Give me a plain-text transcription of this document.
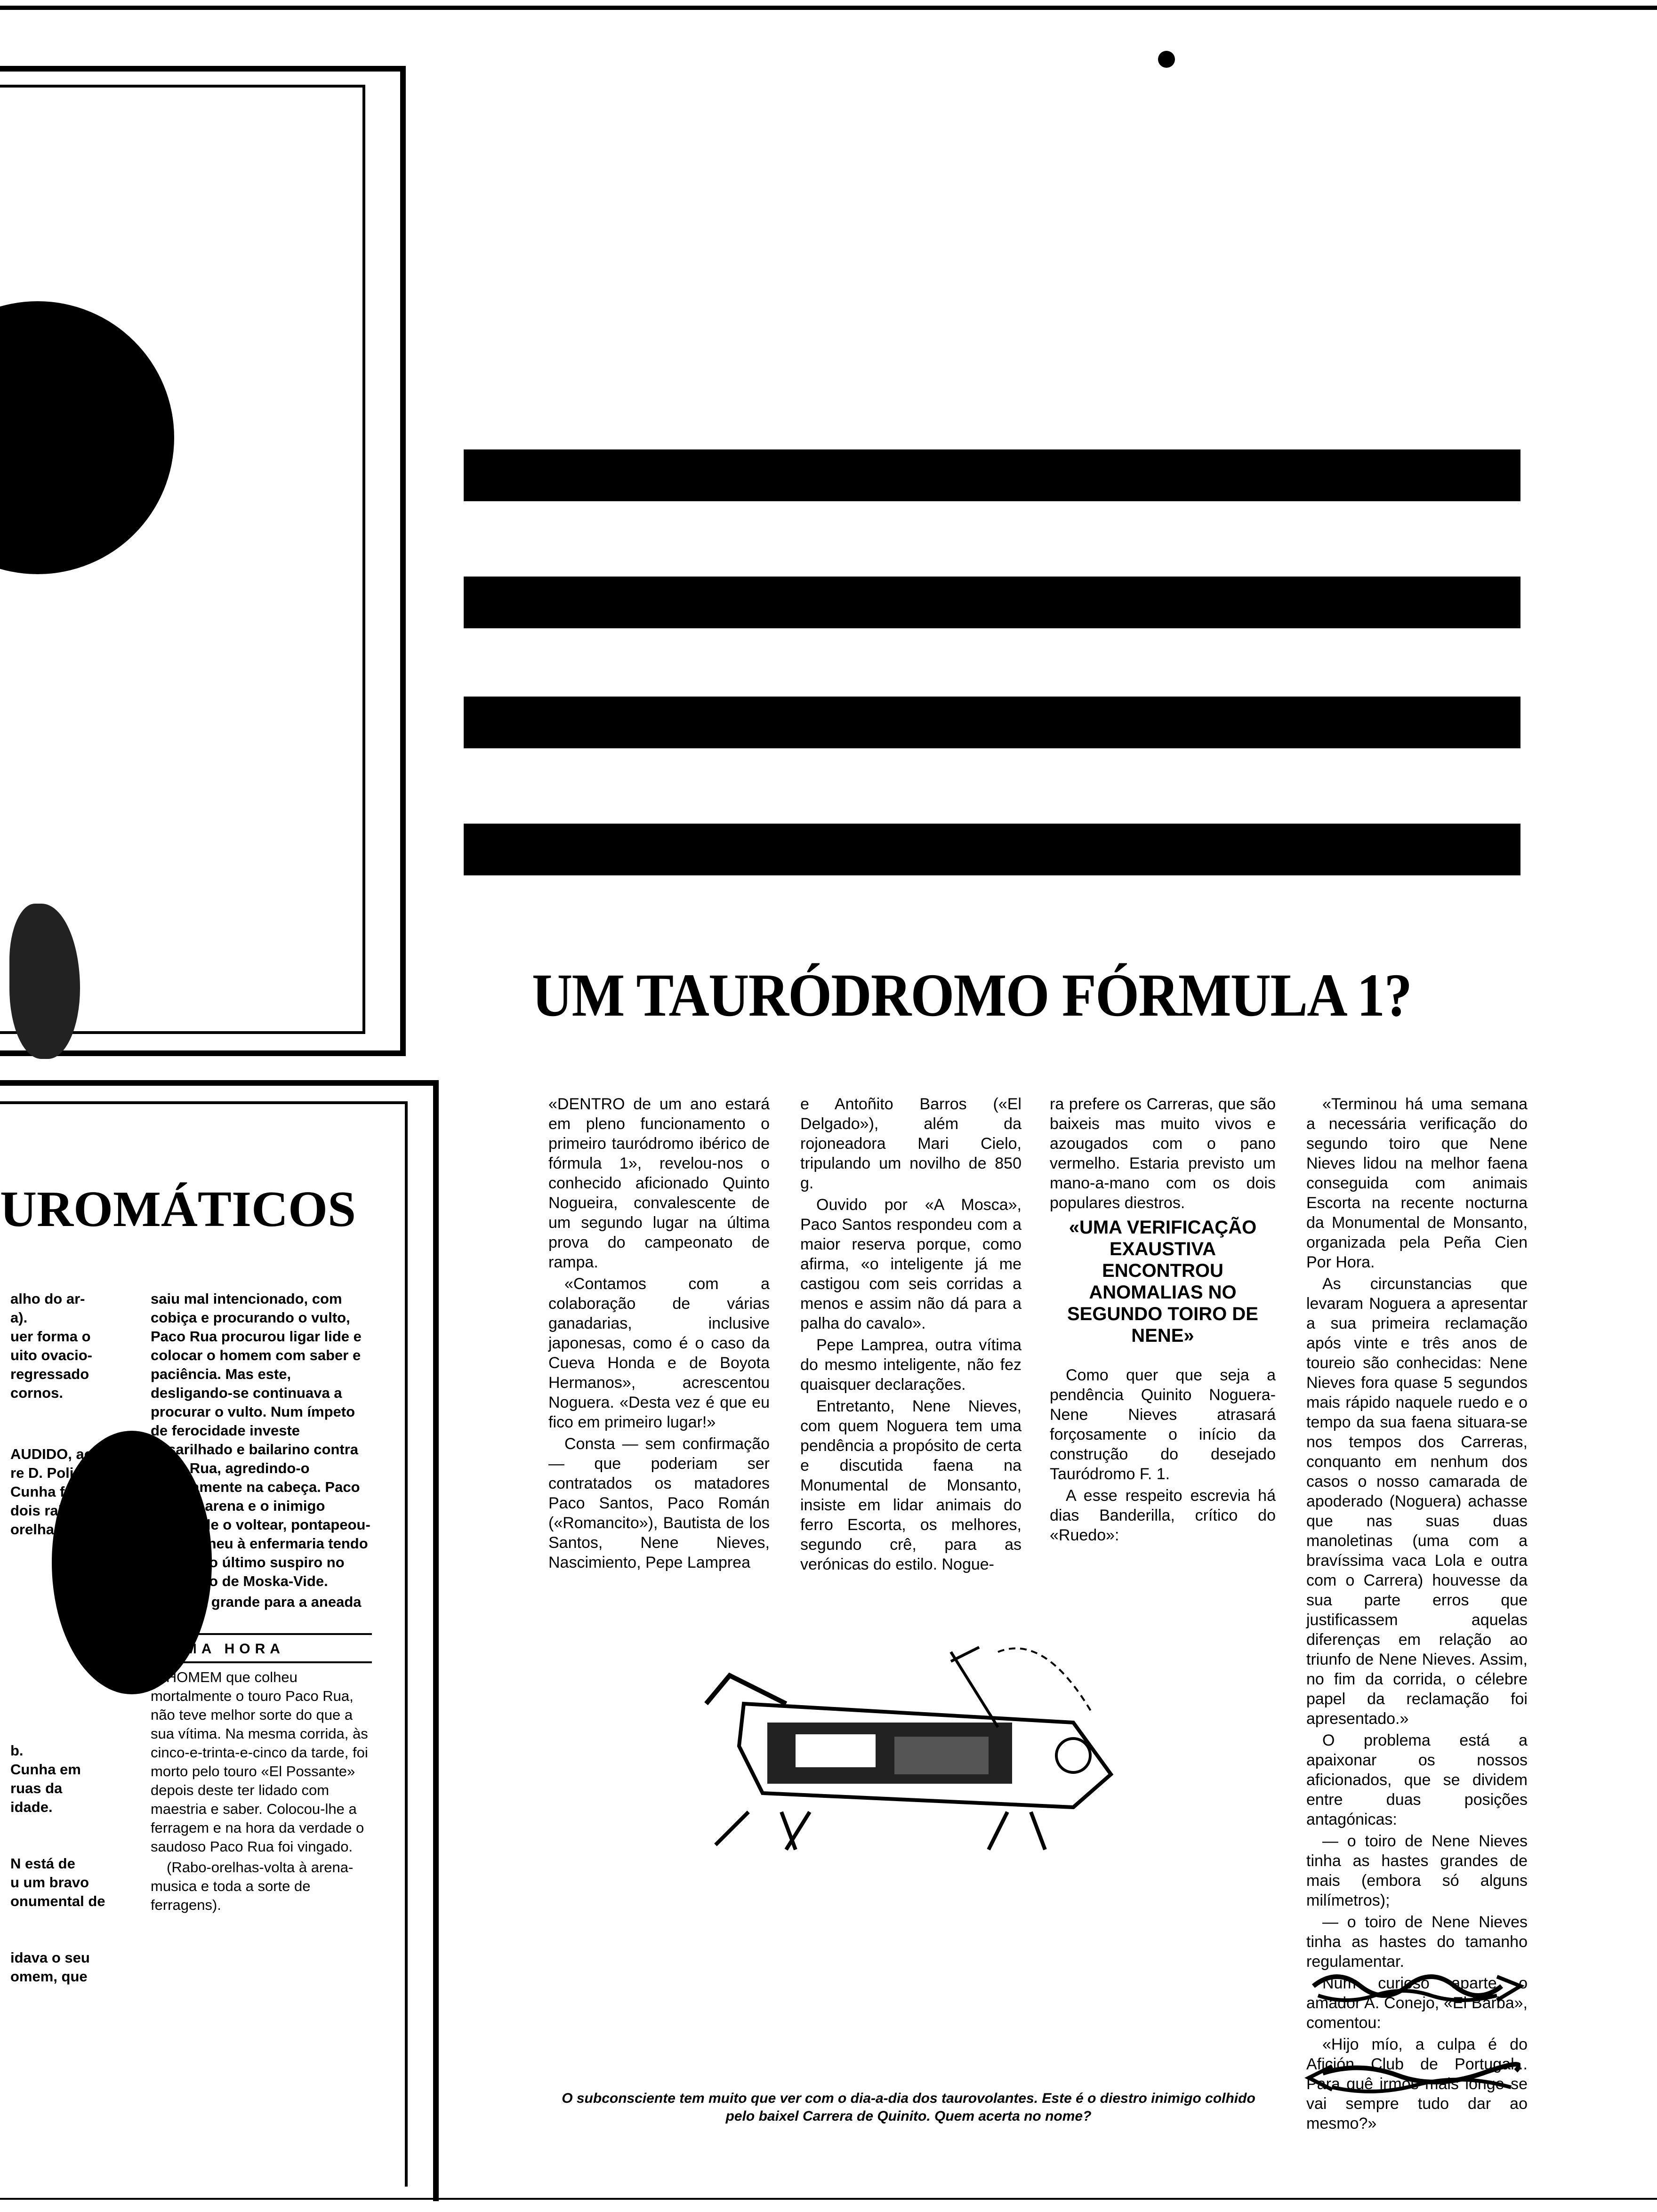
UROMÁTICOS
alho do ar-
a).
uer forma o
uito ovacio-
regressado
cornos.
AUDIDO, ao
re D. Poli-
Cunha foram
dois rabos
orelhas por
b.
Cunha em
ruas da
idade.
N está de
u um bravo
onumental de
idava o seu
omem, que

saiu mal intencionado, com cobiça e procurando o vulto, Paco Rua procurou ligar lide e colocar o homem com saber e paciência. Mas este, desligando-se continuava a procurar o vulto. Num ímpeto de ferocidade investe ensarilhado e bailarino contra Paco Rua, agredindo-o furiosamente na cabeça. Paco caiu na arena e o inimigo depois de o voltear, pontapeou-o. Recolheu à enfermaria tendo exalado o último suspiro no Sanatório de Moska-Vide.

Perda grande para a aneada brava!

LTIMA HORA

O HOMEM que colheu mortalmente o touro Paco Rua, não teve melhor sorte do que a sua vítima. Na mesma corrida, às cinco-e-trinta-e-cinco da tarde, foi morto pelo touro «El Possante» depois deste ter lidado com maestria e saber. Colocou-lhe a ferragem e na hora da verdade o saudoso Paco Rua foi vingado.

(Rabo-orelhas-volta à arena-musica e toda a sorte de ferragens).

UM TAURÓDROMO FÓRMULA 1?

«DENTRO de um ano estará em pleno funcionamento o primeiro tauródromo ibérico de fórmula 1», revelou-nos o conhecido aficionado Quinto Nogueira, convalescente de um segundo lugar na última prova do campeonato de rampa.

«Contamos com a colaboração de várias ganadarias, inclusive japonesas, como é o caso da Cueva Honda e de Boyota Hermanos», acrescentou Noguera. «Desta vez é que eu fico em primeiro lugar!»

Consta — sem confirmação — que poderiam ser contratados os matadores Paco Santos, Paco Román («Romancito»), Bautista de los Santos, Nene Nieves, Nascimiento, Pepe Lamprea

e Antoñito Barros («El Delgado»), além da rojoneadora Mari Cielo, tripulando um novilho de 850 g.

Ouvido por «A Mosca», Paco Santos respondeu com a maior reserva porque, como afirma, «o inteligente já me castigou com seis corridas a menos e assim não dá para a palha do cavalo».

Pepe Lamprea, outra vítima do mesmo inteligente, não fez quaisquer declarações.

Entretanto, Nene Nieves, com quem Noguera tem uma pendência a propósito de certa e discutida faena na Monumental de Monsanto, insiste em lidar animais do ferro Escorta, os melhores, segundo crê, para as verónicas do estilo. Nogue-

ra prefere os Carreras, que são baixeis mas muito vivos e azougados com o pano vermelho. Estaria previsto um mano-a-mano com os dois populares diestros.

«UMA VERIFICAÇÃO EXAUSTIVA ENCONTROU ANOMALIAS NO SEGUNDO TOIRO DE NENE»

Como quer que seja a pendência Quinito Noguera-Nene Nieves atrasará forçosamente o início da construção do desejado Tauródromo F. 1.

A esse respeito escrevia há dias Banderilla, crítico do «Ruedo»:

«Terminou há uma semana a necessária verificação do segundo toiro que Nene Nieves lidou na melhor faena conseguida com animais Escorta na recente nocturna da Monumental de Monsanto, organizada pela Peña Cien Por Hora.

As circunstancias que levaram Noguera a apresentar a sua primeira reclamação após vinte e três anos de toureio são conhecidas: Nene Nieves fora quase 5 segundos mais rápido naquele ruedo e o tempo da sua faena situara-se nos tempos dos Carreras, conquanto em nenhum dos casos o nosso camarada de apoderado (Noguera) achasse que nas suas duas manoletinas (uma com a bravíssima vaca Lola e outra com o Carrera) houvesse da sua parte erros que justificassem aquelas diferenças em relação ao triunfo de Nene Nieves. Assim, no fim da corrida, o célebre papel da reclamação foi apresentado.»

O problema está a apaixonar os nossos aficionados, que se dividem entre duas posições antagónicas:

— o toiro de Nene Nieves tinha as hastes grandes de mais (embora só alguns milímetros);

— o toiro de Nene Nieves tinha as hastes do tamanho regulamentar.

Num curioso aparte o amador A. Conejo, «El Barba», comentou:

«Hijo mío, a culpa é do Afición Club de Portugal... Para quê irmos mais longe se vai sempre tudo dar ao mesmo?»

O subconsciente tem muito que ver com o dia-a-dia dos taurovolantes. Este é o diestro inimigo colhido pelo baixel Carrera de Quinito. Quem acerta no nome?
